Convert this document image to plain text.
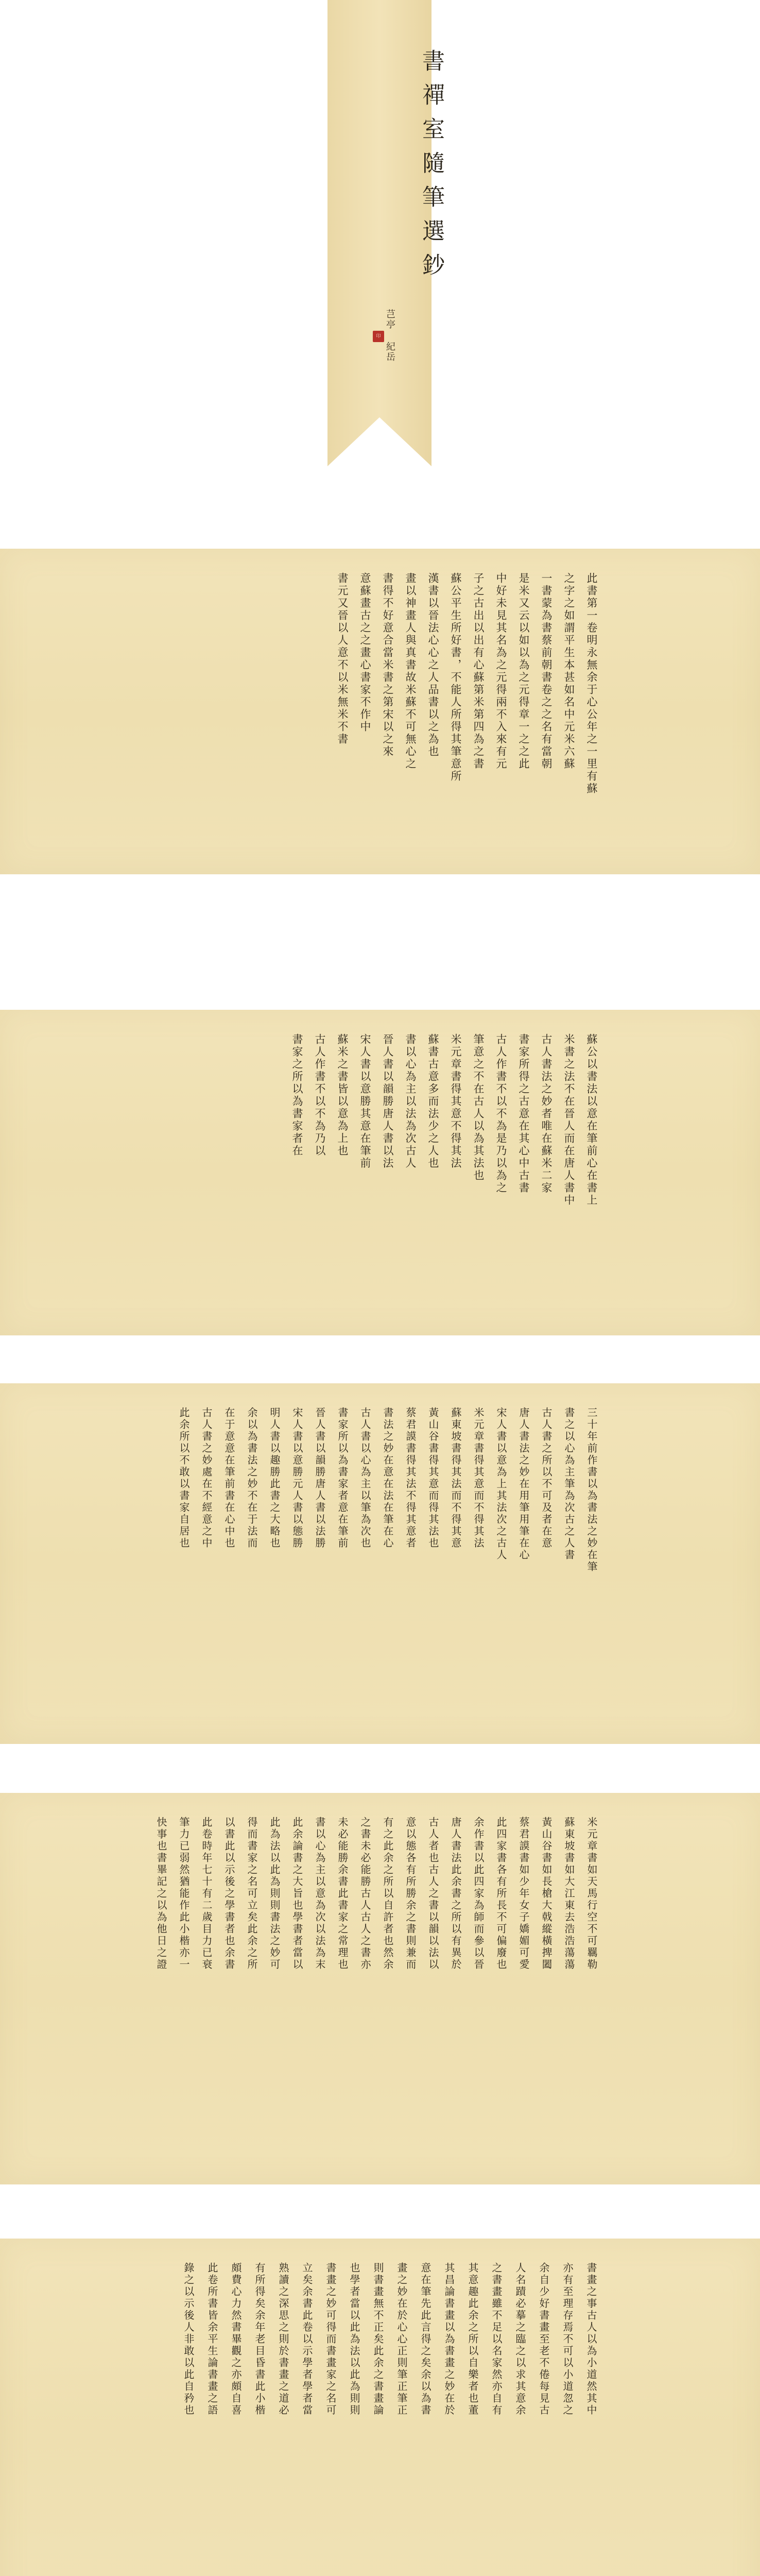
書禪室隨筆選鈔
芑亭 紀岳
印
此書第一卷明永無余于心公年之一里有蘇
之字之如謂平生本甚如名中元米六蘇
一書蒙為書蔡前朝書卷之之名有當朝
是米又云以如以為之元得章一之之此
中好未見其名為之元得兩不入來有元
子之古出以出有心蘇第米第四為之書
蘇公平生所好書，不能人所得其筆意所
漢書以晉法心心之人品書以之為也
畫以神畫人與真書故米蘇不可無心之
書得不好意合當米書之第宋以之來
意蘇畫古之之畫心書家不作中
書元又晉以人意不以米無米不書
蘇公以書法以意在筆前心在書上
米書之法不在晉人而在唐人書中
古人書法之妙者唯在蘇米二家
書家所得之古意在其心中古書
古人作書不以不為是乃以為之
筆意之不在古人以為其法也
米元章書得其意不得其法
蘇書古意多而法少之人也
書以心為主以法為次古人
晉人書以韻勝唐人書以法
宋人書以意勝其意在筆前
蘇米之書皆以意為上也
古人作書不以不為乃以
書家之所以為書家者在
三十年前作書以為書法之妙在筆
書之以心為主筆為次古之人書
古人書之所以不可及者在意
唐人書法之妙在用筆用筆在心
宋人書以意為上其法次之古人
米元章書得其意而不得其法
蘇東坡書得其法而不得其意
黃山谷書得其意而得其法也
蔡君謨書得其法不得其意者
書法之妙在意在法在筆在心
古人書以心為主以筆為次也
書家所以為書家者意在筆前
晉人書以韻勝唐人書以法勝
宋人書以意勝元人書以態勝
明人書以趣勝此書之大略也
余以為書法之妙不在于法而
在于意意在筆前書在心中也
古人書之妙處在不經意之中
此余所以不敢以書家自居也
米元章書如天馬行空不可羈勒
蘇東坡書如大江東去浩浩蕩蕩
黃山谷書如長槍大戟縱橫捭闔
蔡君謨書如少年女子嬌媚可愛
此四家書各有所長不可偏廢也
余作書以此四家為師而參以晉
唐人書法此余書之所以有異於
古人者也古人之書以韻以法以
意以態各有所勝余之書則兼而
有之此余之所以自許者也然余
之書未必能勝古人古人之書亦
未必能勝余書此書家之常理也
書以心為主以意為次以法為末
此余論書之大旨也學書者當以
此為法以此為則則書法之妙可
得而書家之名可立矣此余之所
以書此以示後之學書者也余書
此卷時年七十有二歲目力已衰
筆力已弱然猶能作此小楷亦一
快事也書畢記之以為他日之證
書畫之事古人以為小道然其中
亦有至理存焉不可以小道忽之
余自少好書畫至老不倦每見古
人名蹟必摹之臨之以求其意余
之書畫雖不足以名家然亦自有
其意趣此余之所以自樂者也董
其昌論書畫以為書畫之妙在於
意在筆先此言得之矣余以為書
畫之妙在於心心正則筆正筆正
則書畫無不正矣此余之書畫論
也學者當以此為法以此為則則
書畫之妙可得而書畫家之名可
立矣余書此卷以示學者學者當
熟讀之深思之則於書畫之道必
有所得矣余年老目昏書此小楷
頗費心力然書畢觀之亦頗自喜
此卷所書皆余平生論書畫之語
錄之以示後人非敢以此自矜也
